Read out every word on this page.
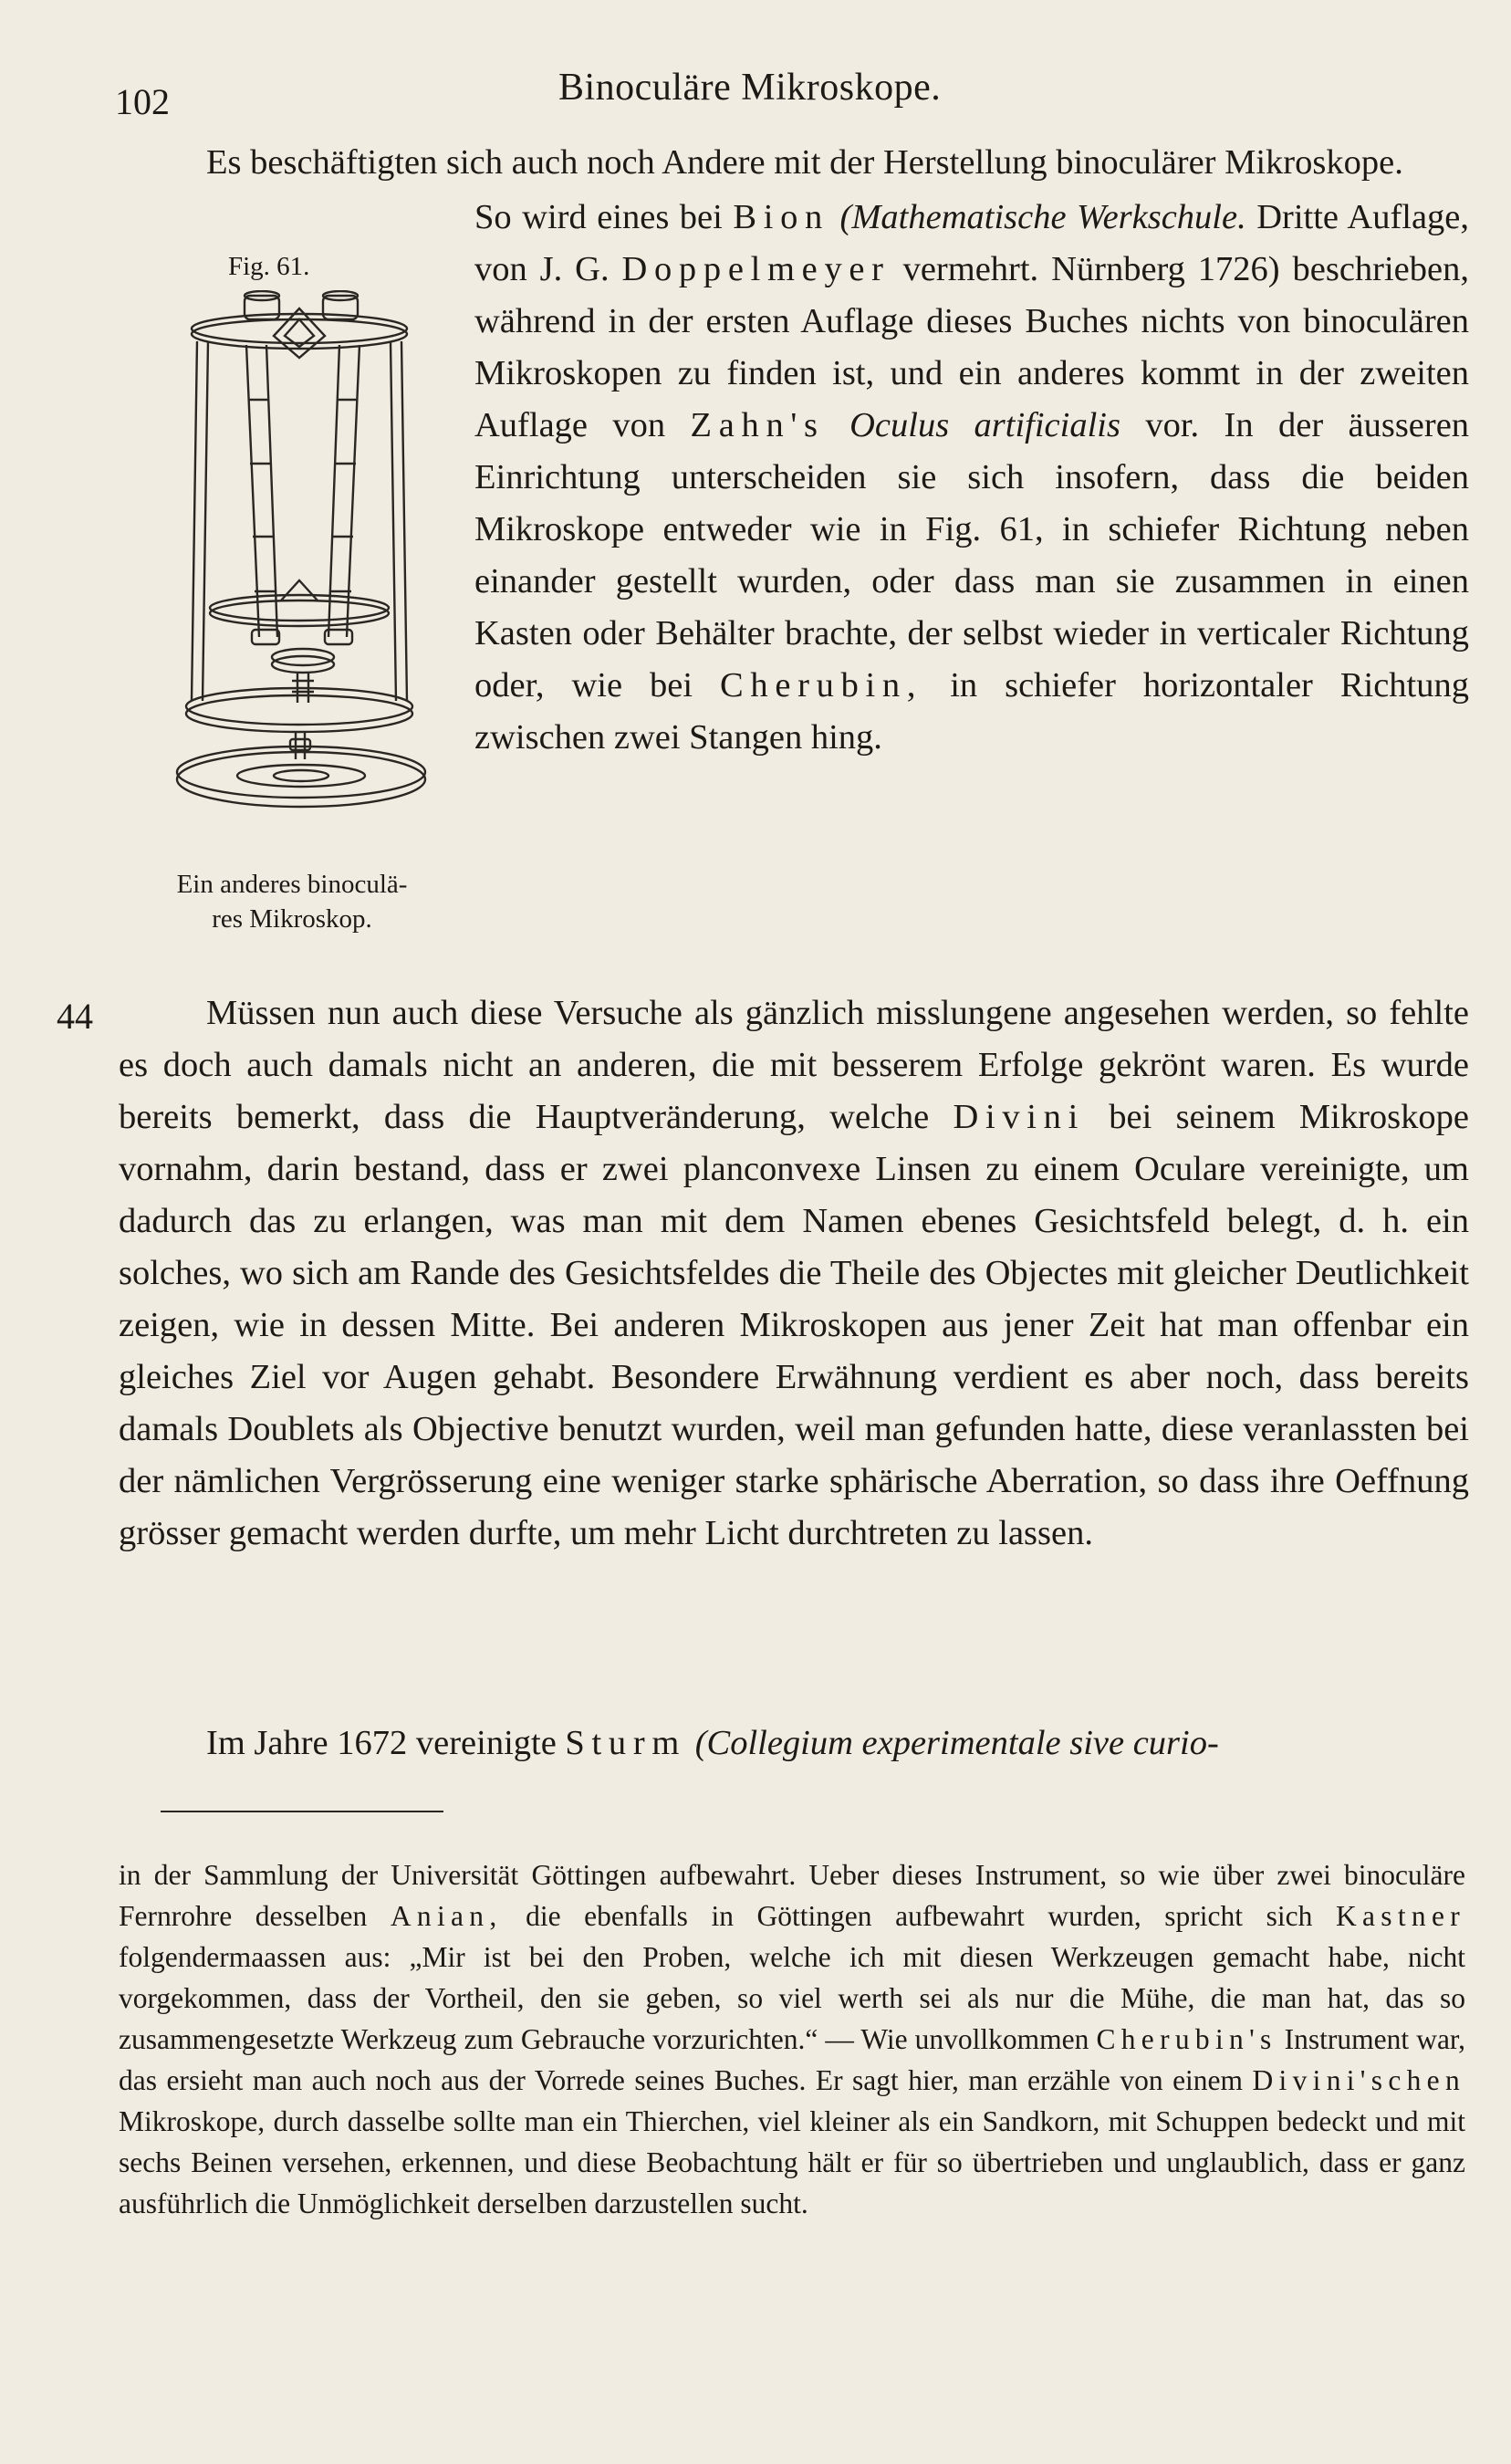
102	Binoculäre Mikroskope.
Fig. 61.
Ein anderes binoculä-
res Mikroskop.

Es beschäftigten sich auch noch Andere mit der Herstellung binoculärer Mikroskope.

So wird eines bei Bion (Mathematische Werkschule. Dritte Auflage, von J. G. Doppelmeyer vermehrt. Nürnberg 1726) beschrieben, während in der ersten Auflage dieses Buches nichts von binoculären Mikroskopen zu finden ist, und ein anderes kommt in der zweiten Auflage von Zahn's Oculus artificialis vor. In der äusseren Einrichtung unterscheiden sie sich insofern, dass die beiden Mikroskope entweder wie in Fig. 61, in schiefer Richtung neben einander gestellt wurden, oder dass man sie zusammen in einen Kasten oder Behälter brachte, der selbst wieder in verticaler Richtung oder, wie bei Cherubin, in schiefer horizontaler Richtung zwischen zwei Stangen hing.

44	Müssen nun auch diese Versuche als gänzlich misslungene angesehen werden, so fehlte es doch auch damals nicht an anderen, die mit besserem Erfolge gekrönt waren. Es wurde bereits bemerkt, dass die Hauptveränderung, welche Divini bei seinem Mikroskope vornahm, darin bestand, dass er zwei planconvexe Linsen zu einem Oculare vereinigte, um dadurch das zu erlangen, was man mit dem Namen ebenes Gesichtsfeld belegt, d. h. ein solches, wo sich am Rande des Gesichtsfeldes die Theile des Objectes mit gleicher Deutlichkeit zeigen, wie in dessen Mitte. Bei anderen Mikroskopen aus jener Zeit hat man offenbar ein gleiches Ziel vor Augen gehabt. Besondere Erwähnung verdient es aber noch, dass bereits damals Doublets als Objective benutzt wurden, weil man gefunden hatte, diese veranlassten bei der nämlichen Vergrösserung eine weniger starke sphärische Aberration, so dass ihre Oeffnung grösser gemacht werden durfte, um mehr Licht durchtreten zu lassen.

Im Jahre 1672 vereinigte Sturm (Collegium experimentale sive curio-

in der Sammlung der Universität Göttingen aufbewahrt. Ueber dieses Instrument, so wie über zwei binoculäre Fernrohre desselben Anian, die ebenfalls in Göttingen aufbewahrt wurden, spricht sich Kastner folgendermaassen aus: „Mir ist bei den Proben, welche ich mit diesen Werkzeugen gemacht habe, nicht vorgekommen, dass der Vortheil, den sie geben, so viel werth sei als nur die Mühe, die man hat, das so zusammengesetzte Werkzeug zum Gebrauche vorzurichten.“ — Wie unvollkommen Cherubin's Instrument war, das ersieht man auch noch aus der Vorrede seines Buches. Er sagt hier, man erzähle von einem Divini'schen Mikroskope, durch dasselbe sollte man ein Thierchen, viel kleiner als ein Sandkorn, mit Schuppen bedeckt und mit sechs Beinen versehen, erkennen, und diese Beobachtung hält er für so übertrieben und unglaublich, dass er ganz ausführlich die Unmöglichkeit derselben darzustellen sucht.
